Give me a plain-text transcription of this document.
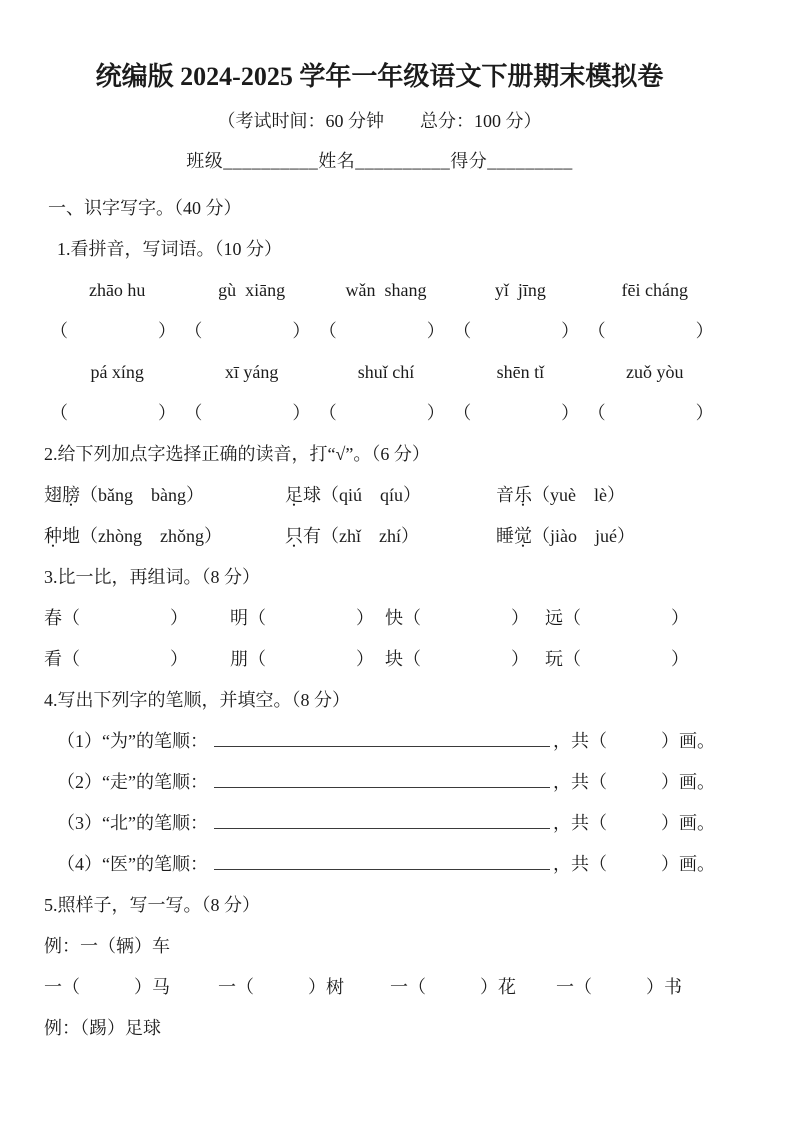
统编版 2024-2025 学年一年级语文下册期末模拟卷
（考试时间：60 分钟　　总分：100 分）
班级__________姓名__________得分_________
一、识字写字。（40 分）
1.看拼音，写词语。（10 分）
zhāo hu	gù  xiāng	wǎn  shang	yǐ  jīng	fēi cháng
（　　　　　） （　　　　　） （　　　　　） （　　　　　） （　　　　　）
pá xíng	xī yáng	shuǐ chí	shēn tǐ	zuǒ yòu
（　　　　　） （　　　　　） （　　　　　） （　　　　　） （　　　　　）
2.给下列加点字选择正确的读音，打“√”。（6 分）
翅膀（bǎng　bàng）	足球（qiú　qíu）	音乐（yuè　lè）
种地（zhòng　zhǒng）	只有（zhǐ　zhí）	睡觉（jiào　jué）
3.比一比，再组词。（8 分）
春（　　　　　）	明（　　　　　） 快（　　　　　） 远（　　　　　）
看（　　　　　）	朋（　　　　　） 块（　　　　　） 玩（　　　　　）
4.写出下列字的笔顺，并填空。（8 分）
（1）“为”的笔顺：	，共（　　　）画。
（2）“走”的笔顺：	，共（　　　）画。
（3）“北”的笔顺：	，共（　　　）画。
（4）“医”的笔顺：	，共（　　　）画。
5.照样子，写一写。（8 分）
例：一（辆）车
一（　　　）马	一（　　　）树	一（　　　）花	一（　　　）书
例：（踢）足球
